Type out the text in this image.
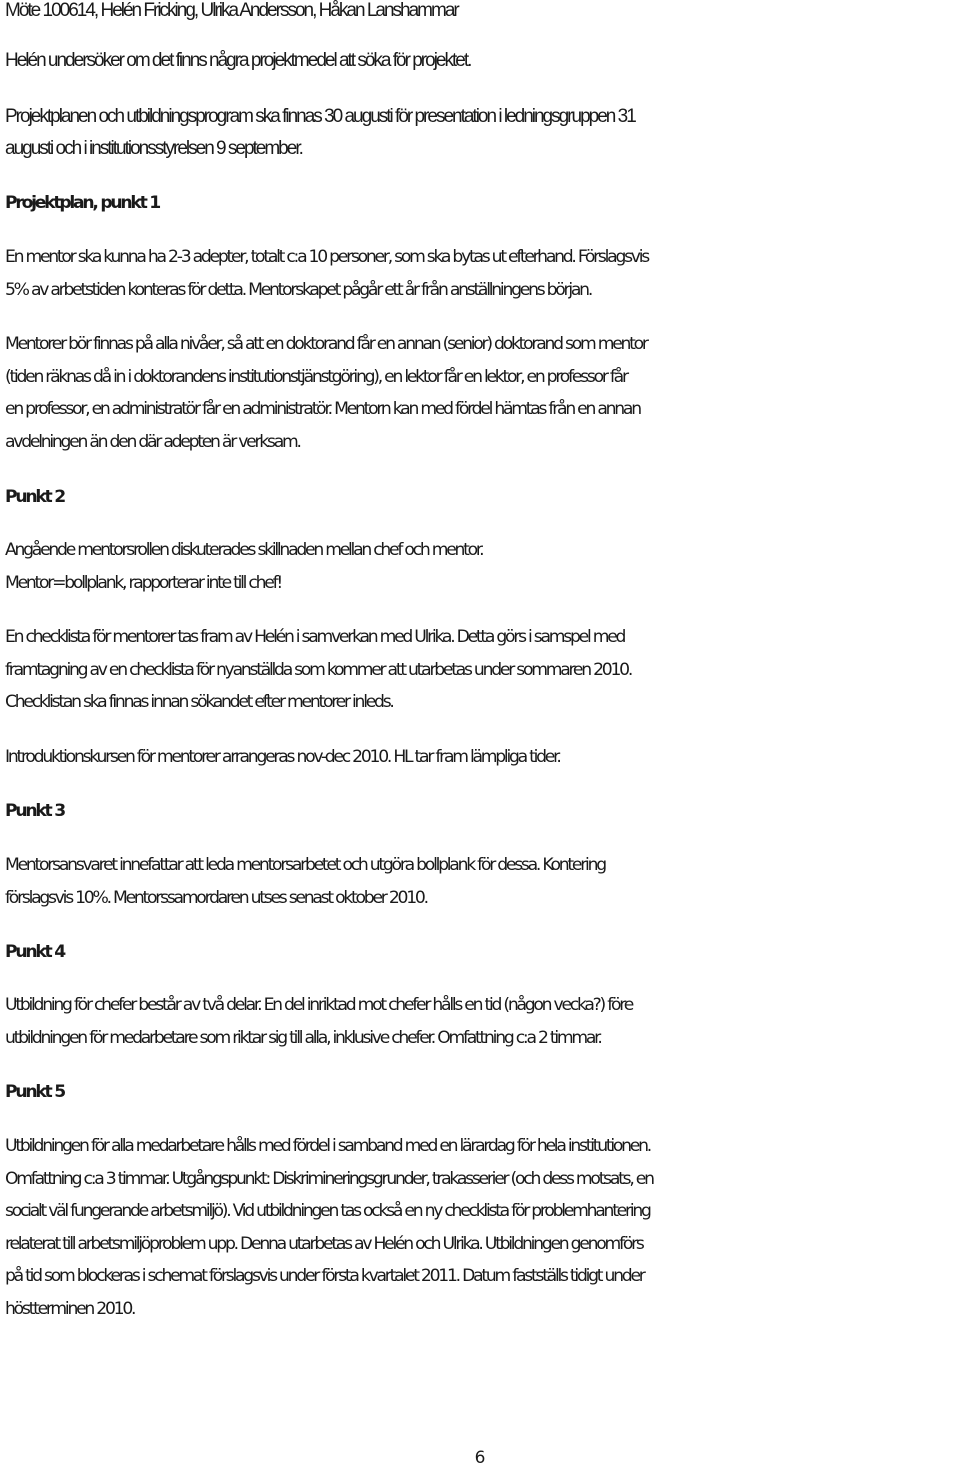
Möte 100614, Helén Fricking, Ulrika Andersson, Håkan Lanshammar

Helén undersöker om det finns några projektmedel att söka för projektet.

Projektplanen och utbildningsprogram ska finnas 30 augusti för presentation i ledningsgruppen 31
augusti och i institutionsstyrelsen 9 september.

Projektplan, punkt 1

En mentor ska kunna ha 2-3 adepter, totalt c:a 10 personer, som ska bytas ut efterhand. Förslagsvis
5% av arbetstiden konteras för detta. Mentorskapet pågår ett år från anställningens början.

Mentorer bör finnas på alla nivåer, så att en doktorand får en annan (senior) doktorand som mentor
(tiden räknas då in i doktorandens institutionstjänstgöring), en lektor får en lektor, en professor får
en professor, en administratör får en administratör. Mentorn kan med fördel hämtas från en annan
avdelningen än den där adepten är verksam.

Punkt 2

Angående mentorsrollen diskuterades skillnaden mellan chef och mentor.
Mentor=bollplank, rapporterar inte till chef!

En checklista för mentorer tas fram av Helén i samverkan med Ulrika. Detta görs i samspel med
framtagning av en checklista för nyanställda som kommer att utarbetas under sommaren 2010.
Checklistan ska finnas innan sökandet efter mentorer inleds.

Introduktionskursen för mentorer arrangeras nov-dec 2010. HL tar fram lämpliga tider.

Punkt 3

Mentorsansvaret innefattar att leda mentorsarbetet och utgöra bollplank för dessa. Kontering
förslagsvis 10%. Mentorssamordaren utses senast oktober 2010.

Punkt 4

Utbildning för chefer består av två delar. En del inriktad mot chefer hålls en tid (någon vecka?) före
utbildningen för medarbetare som riktar sig till alla, inklusive chefer. Omfattning c:a 2 timmar.

Punkt 5

Utbildningen för alla medarbetare hålls med fördel i samband med en lärardag för hela institutionen.
Omfattning c:a 3 timmar. Utgångspunkt: Diskrimineringsgrunder, trakasserier (och dess motsats, en
socialt väl fungerande arbetsmiljö). Vid utbildningen tas också en ny checklista för problemhantering
relaterat till arbetsmiljöproblem upp. Denna utarbetas av Helén och Ulrika. Utbildningen genomförs
på tid som blockeras i schemat förslagsvis under första kvartalet 2011. Datum fastställs tidigt under
höstterminen 2010.

6
